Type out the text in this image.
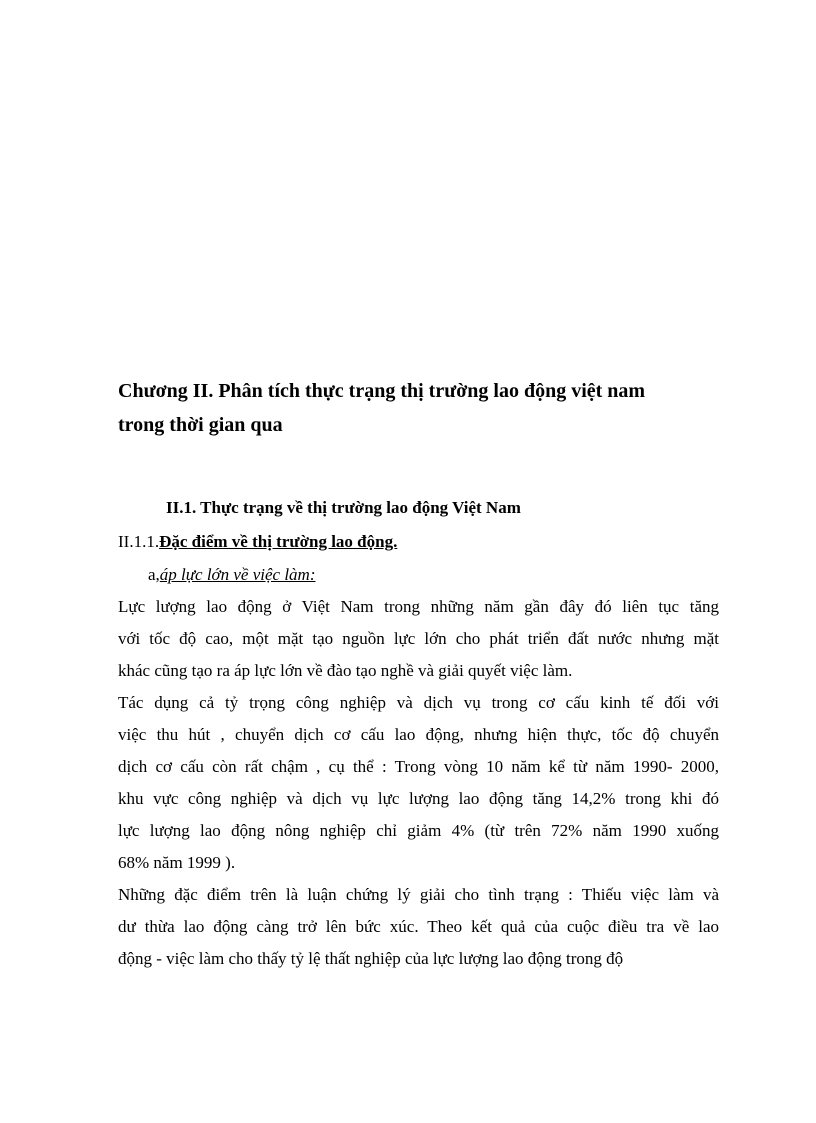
Chương II. Phân tích thực trạng thị trường lao động việt nam
trong thời gian qua
II.1. Thực trạng về thị trường lao động Việt Nam

II.1.1.Đặc điểm về thị trường lao động.

a,áp lực lớn về việc làm:

Lực lượng lao động ở Việt Nam trong những năm gần đây đó liên tục tăng
với tốc độ cao, một mặt tạo nguồn lực lớn cho phát triển đất nước nhưng mặt
khác cũng tạo ra áp lực lớn về đào tạo nghề và giải quyết việc làm.

Tác dụng cả tỷ trọng công nghiệp và dịch vụ trong cơ cấu kinh tế đối với
việc thu hút , chuyển dịch cơ cấu lao động, nhưng hiện thực, tốc độ chuyển
dịch cơ cấu còn rất chậm , cụ thể : Trong vòng 10 năm kể từ năm 1990- 2000,
khu vực công nghiệp và dịch vụ lực lượng lao động tăng 14,2% trong khi đó
lực lượng lao động nông nghiệp chỉ giảm 4% (từ trên 72% năm 1990 xuống
68% năm 1999 ).

Những đặc điểm trên là luận chứng lý giải cho tình trạng : Thiếu việc làm và
dư thừa lao động càng trở lên bức xúc. Theo kết quả của cuộc điều tra về lao
động - việc làm cho thấy tỷ lệ thất nghiệp của lực lượng lao động trong độ
